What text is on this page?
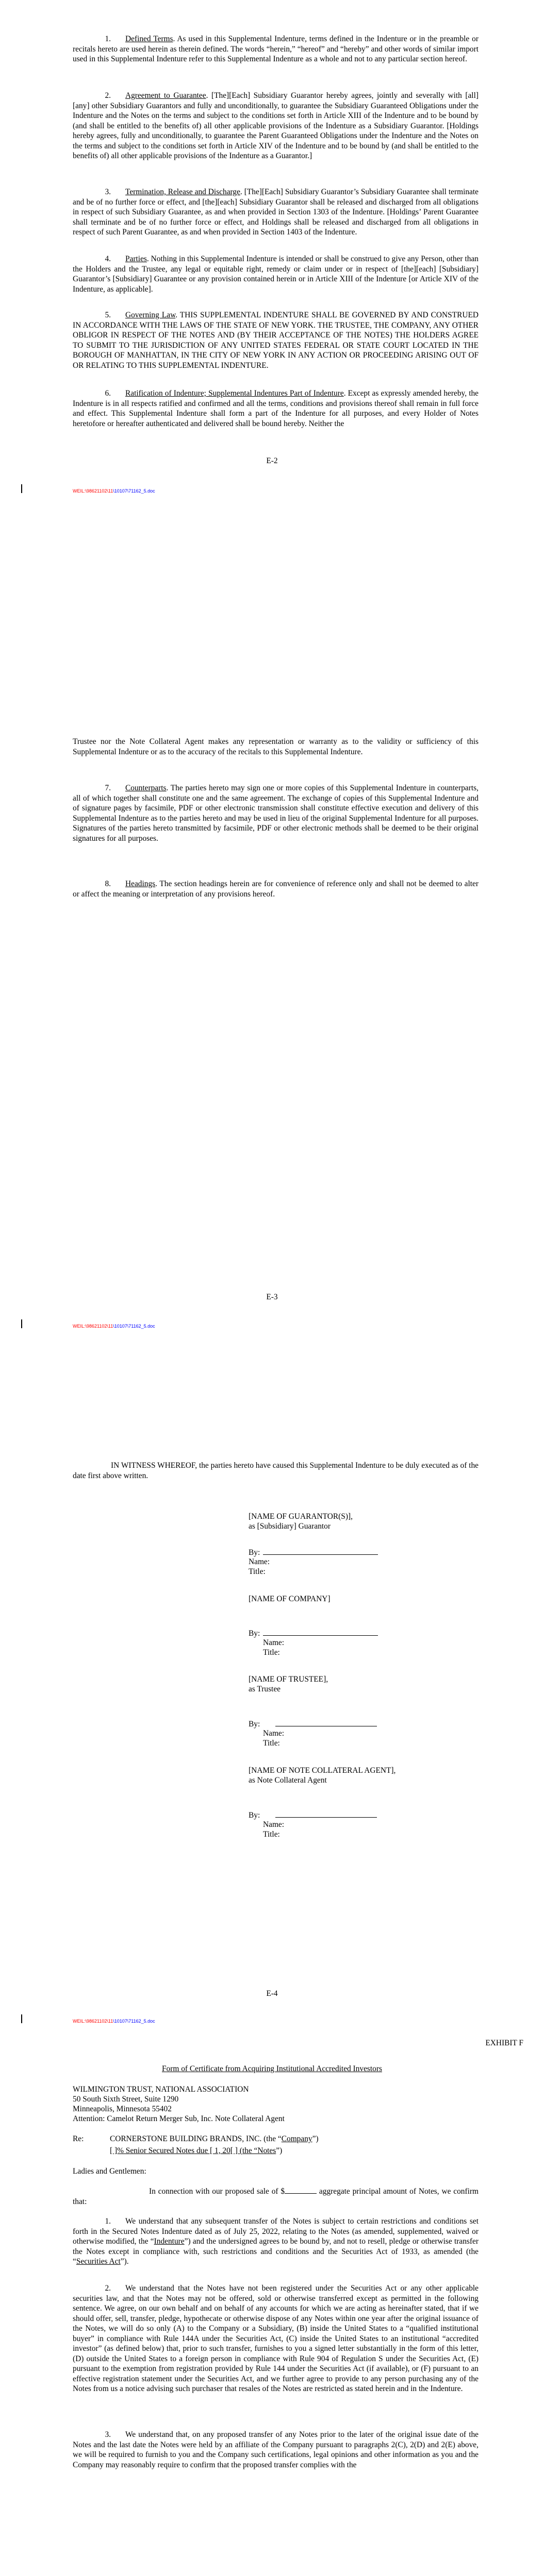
1. Defined Terms. As used in this Supplemental Indenture, terms defined in the Indenture or in the preamble or recitals hereto are used herein as therein defined. The words “herein,” “hereof” and “hereby” and other words of similar import used in this Supplemental Indenture refer to this Supplemental Indenture as a whole and not to any particular section hereof.

2. Agreement to Guarantee. [The][Each] Subsidiary Guarantor hereby agrees, jointly and severally with [all] [any] other Subsidiary Guarantors and fully and unconditionally, to guarantee the Subsidiary Guaranteed Obligations under the Indenture and the Notes on the terms and subject to the conditions set forth in Article XIII of the Indenture and to be bound by (and shall be entitled to the benefits of) all other applicable provisions of the Indenture as a Subsidiary Guarantor. [Holdings hereby agrees, fully and unconditionally, to guarantee the Parent Guaranteed Obligations under the Indenture and the Notes on the terms and subject to the conditions set forth in Article XIV of the Indenture and to be bound by (and shall be entitled to the benefits of) all other applicable provisions of the Indenture as a Guarantor.]

3. Termination, Release and Discharge. [The][Each] Subsidiary Guarantor’s Subsidiary Guarantee shall terminate and be of no further force or effect, and [the][each] Subsidiary Guarantor shall be released and discharged from all obligations in respect of such Subsidiary Guarantee, as and when provided in Section 1303 of the Indenture. [Holdings’ Parent Guarantee shall terminate and be of no further force or effect, and Holdings shall be released and discharged from all obligations in respect of such Parent Guarantee, as and when provided in Section 1403 of the Indenture.

4. Parties. Nothing in this Supplemental Indenture is intended or shall be construed to give any Person, other than the Holders and the Trustee, any legal or equitable right, remedy or claim under or in respect of [the][each] [Subsidiary] Guarantor’s [Subsidiary] Guarantee or any provision contained herein or in Article XIII of the Indenture [or Article XIV of the Indenture, as applicable].

5. Governing Law. THIS SUPPLEMENTAL INDENTURE SHALL BE GOVERNED BY AND CONSTRUED IN ACCORDANCE WITH THE LAWS OF THE STATE OF NEW YORK. THE TRUSTEE, THE COMPANY, ANY OTHER OBLIGOR IN RESPECT OF THE NOTES AND (BY THEIR ACCEPTANCE OF THE NOTES) THE HOLDERS AGREE TO SUBMIT TO THE JURISDICTION OF ANY UNITED STATES FEDERAL OR STATE COURT LOCATED IN THE BOROUGH OF MANHATTAN, IN THE CITY OF NEW YORK IN ANY ACTION OR PROCEEDING ARISING OUT OF OR RELATING TO THIS SUPPLEMENTAL INDENTURE.

6. Ratification of Indenture; Supplemental Indentures Part of Indenture. Except as expressly amended hereby, the Indenture is in all respects ratified and confirmed and all the terms, conditions and provisions thereof shall remain in full force and effect. This Supplemental Indenture shall form a part of the Indenture for all purposes, and every Holder of Notes heretofore or hereafter authenticated and delivered shall be bound hereby. Neither the

E-2
WEIL:\98621102\11\10107\71162_5.doc

Trustee nor the Note Collateral Agent makes any representation or warranty as to the validity or sufficiency of this Supplemental Indenture or as to the accuracy of the recitals to this Supplemental Indenture.

7. Counterparts. The parties hereto may sign one or more copies of this Supplemental Indenture in counterparts, all of which together shall constitute one and the same agreement. The exchange of copies of this Supplemental Indenture and of signature pages by facsimile, PDF or other electronic transmission shall constitute effective execution and delivery of this Supplemental Indenture as to the parties hereto and may be used in lieu of the original Supplemental Indenture for all purposes. Signatures of the parties hereto transmitted by facsimile, PDF or other electronic methods shall be deemed to be their original signatures for all purposes.

8. Headings. The section headings herein are for convenience of reference only and shall not be deemed to alter or affect the meaning or interpretation of any provisions hereof.

E-3
WEIL:\98621102\11\10107\71162_5.doc

IN WITNESS WHEREOF, the parties hereto have caused this Supplemental Indenture to be duly executed as of the date first above written.

[NAME OF GUARANTOR(S)],
as [Subsidiary] Guarantor
By:
Name:
Title:
[NAME OF COMPANY]
By:
Name:
Title:
[NAME OF TRUSTEE],
as Trustee
By:
Name:
Title:
[NAME OF NOTE COLLATERAL AGENT],
as Note Collateral Agent
By:
Name:
Title:
E-4
WEIL:\98621102\11\10107\71162_5.doc
EXHIBIT F
Form of Certificate from Acquiring Institutional Accredited Investors
WILMINGTON TRUST, NATIONAL ASSOCIATION
50 South Sixth Street, Suite 1290
Minneapolis, Minnesota 55402
Attention: Camelot Return Merger Sub, Inc. Note Collateral Agent
Re:	CORNERSTONE BUILDING BRANDS, INC. (the “Company”)
[ ]% Senior Secured Notes due [ 1, 20[ ] (the “Notes”)
Ladies and Gentlemen:

In connection with our proposed sale of $	aggregate principal amount of Notes, we confirm that:

1. We understand that any subsequent transfer of the Notes is subject to certain restrictions and conditions set forth in the Secured Notes Indenture dated as of July 25, 2022, relating to the Notes (as amended, supplemented, waived or otherwise modified, the “Indenture”) and the undersigned agrees to be bound by, and not to resell, pledge or otherwise transfer the Notes except in compliance with, such restrictions and conditions and the Securities Act of 1933, as amended (the “Securities Act”).

2. We understand that the Notes have not been registered under the Securities Act or any other applicable securities law, and that the Notes may not be offered, sold or otherwise transferred except as permitted in the following sentence. We agree, on our own behalf and on behalf of any accounts for which we are acting as hereinafter stated, that if we should offer, sell, transfer, pledge, hypothecate or otherwise dispose of any Notes within one year after the original issuance of the Notes, we will do so only (A) to the Company or a Subsidiary, (B) inside the United States to a “qualified institutional buyer” in compliance with Rule 144A under the Securities Act, (C) inside the United States to an institutional “accredited investor” (as defined below) that, prior to such transfer, furnishes to you a signed letter substantially in the form of this letter, (D) outside the United States to a foreign person in compliance with Rule 904 of Regulation S under the Securities Act, (E) pursuant to the exemption from registration provided by Rule 144 under the Securities Act (if available), or (F) pursuant to an effective registration statement under the Securities Act, and we further agree to provide to any person purchasing any of the Notes from us a notice advising such purchaser that resales of the Notes are restricted as stated herein and in the Indenture.

3. We understand that, on any proposed transfer of any Notes prior to the later of the original issue date of the Notes and the last date the Notes were held by an affiliate of the Company pursuant to paragraphs 2(C), 2(D) and 2(E) above, we will be required to furnish to you and the Company such certifications, legal opinions and other information as you and the Company may reasonably require to confirm that the proposed transfer complies with the
